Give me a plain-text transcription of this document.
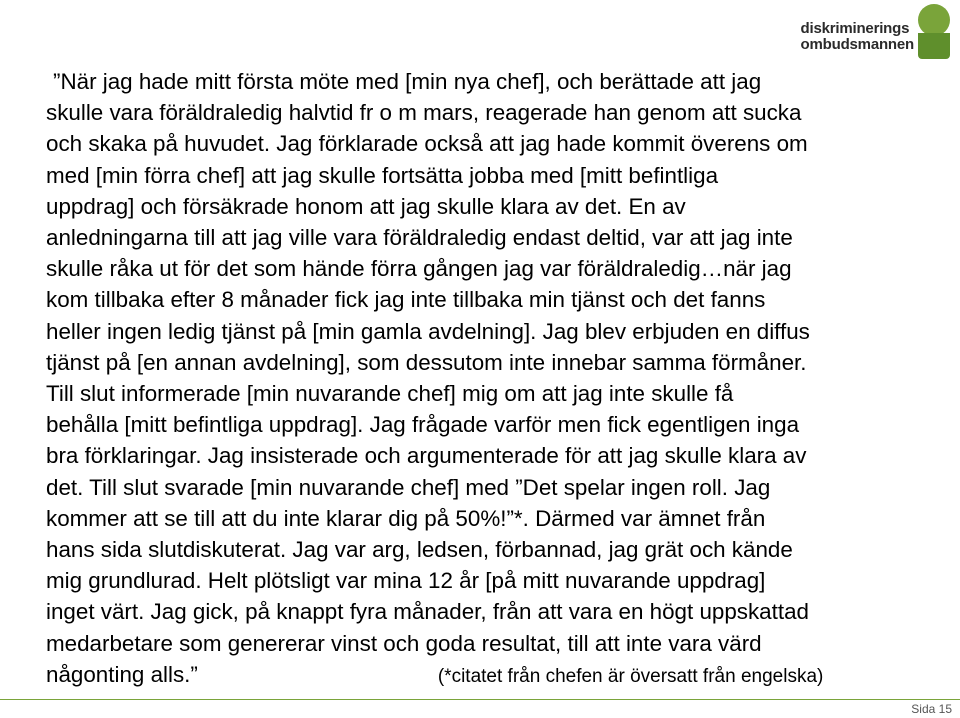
diskriminerings
ombudsmannen
”När jag hade mitt första möte med [min nya chef], och berättade att jag
skulle vara föräldraledig halvtid fr o m mars, reagerade han genom att sucka
och skaka på huvudet. Jag förklarade också att jag hade kommit överens om
med [min förra chef] att jag skulle fortsätta jobba med [mitt befintliga
uppdrag] och försäkrade honom att jag skulle klara av det. En av
anledningarna till att jag ville vara föräldraledig endast deltid, var att jag inte
skulle råka ut för det som hände förra gången jag var föräldraledig…när jag
kom tillbaka efter 8 månader fick jag inte tillbaka min tjänst och det fanns
heller ingen ledig tjänst på [min gamla avdelning]. Jag blev erbjuden en diffus
tjänst på [en annan avdelning], som dessutom inte innebar samma förmåner.
Till slut informerade [min nuvarande chef] mig om att jag inte skulle få
behålla [mitt befintliga uppdrag]. Jag frågade varför men fick egentligen inga
bra förklaringar. Jag insisterade och argumenterade för att jag skulle klara av
det. Till slut svarade [min nuvarande chef] med ”Det spelar ingen roll. Jag
kommer att se till att du inte klarar dig på 50%!”*. Därmed var ämnet från
hans sida slutdiskuterat. Jag var arg, ledsen, förbannad, jag grät och kände
mig grundlurad. Helt plötsligt var mina 12 år [på mitt nuvarande uppdrag]
inget värt. Jag gick, på knappt fyra månader, från att vara en högt uppskattad
medarbetare som genererar vinst och goda resultat, till att inte vara värd
någonting alls.”	(*citatet från chefen är översatt från engelska)
Sida 15
